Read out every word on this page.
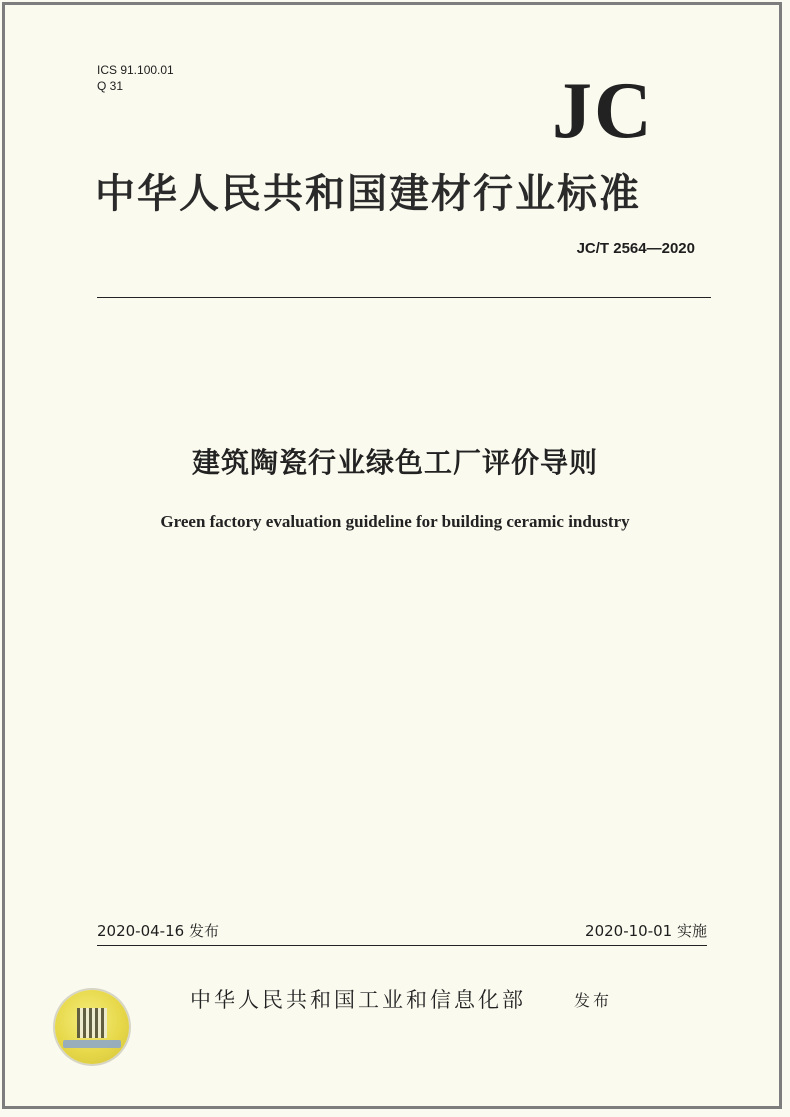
ICS 91.100.01
Q 31	JC
中华人民共和国建材行业标准
JC/T 2564—2020
建筑陶瓷行业绿色工厂评价导则
Green factory evaluation guideline for building ceramic industry
2020-04-16 发布	2020-10-01 实施
中华人民共和国工业和信息化部	发布
